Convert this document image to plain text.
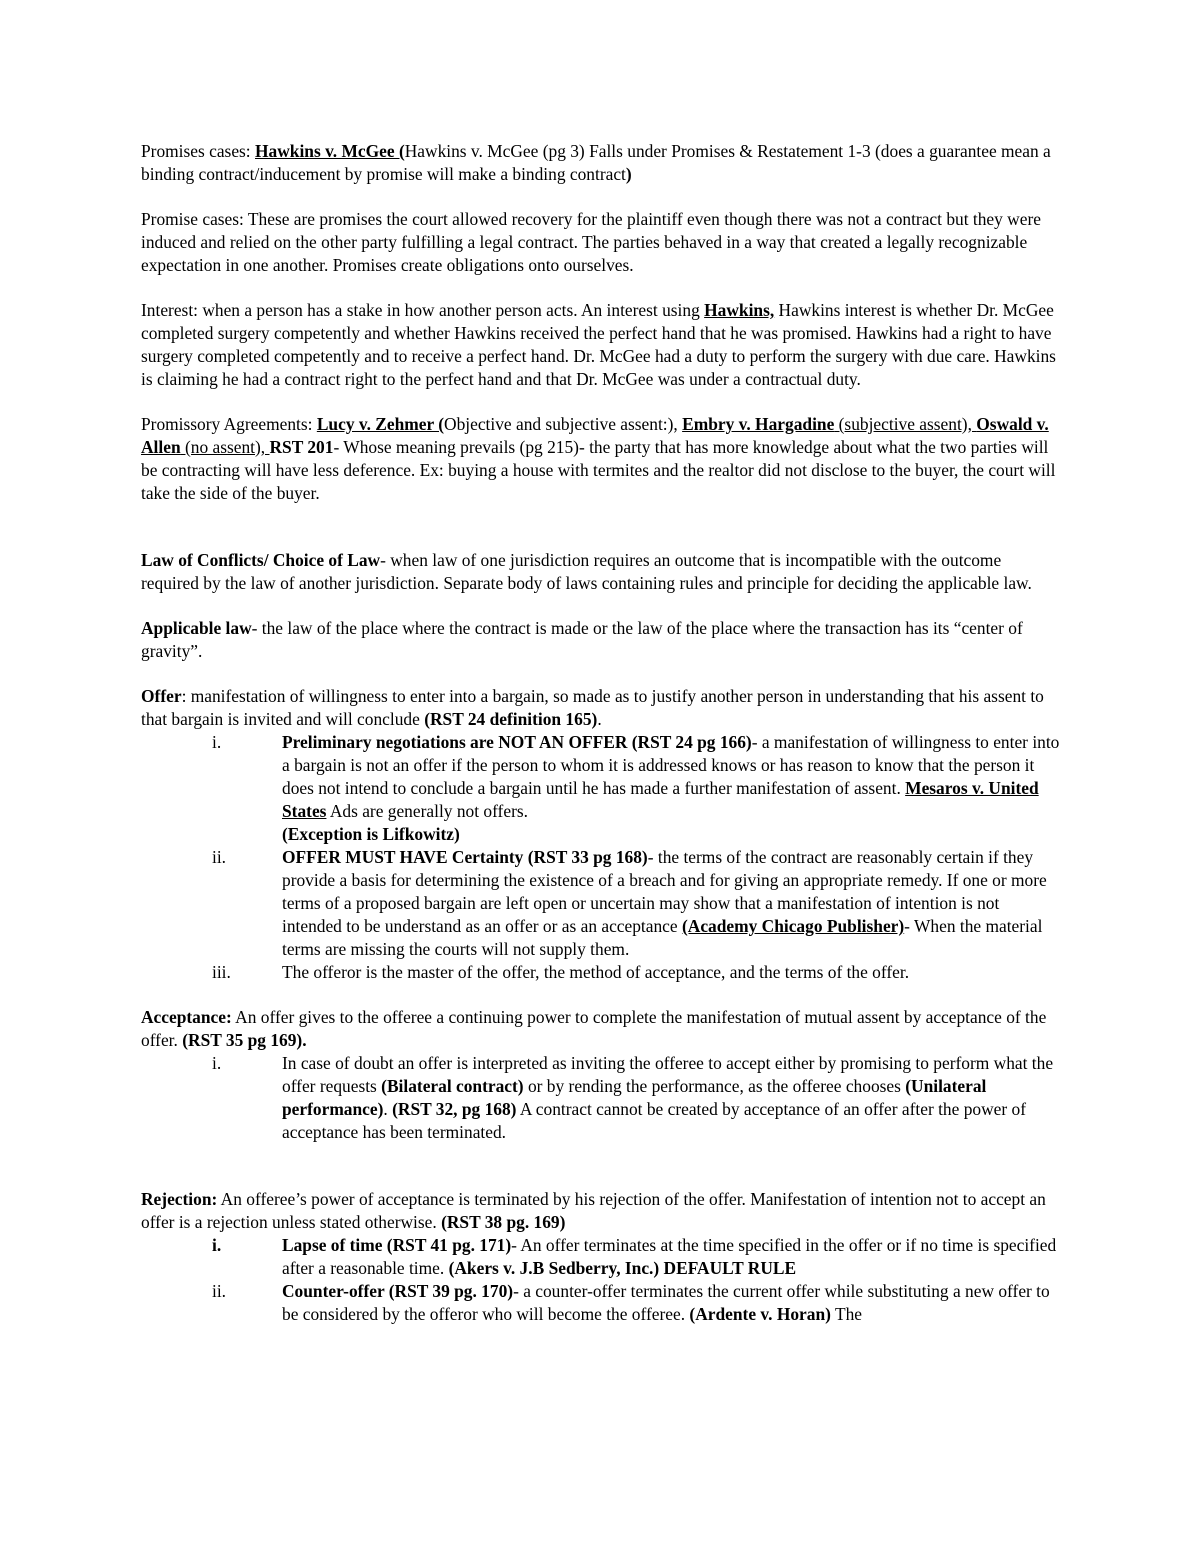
Promises cases: Hawkins v. McGee (Hawkins v. McGee (pg 3) Falls under Promises & Restatement 1-3 (does a guarantee mean a binding contract/inducement by promise will make a binding contract)

Promise cases: These are promises the court allowed recovery for the plaintiff even though there was not a contract but they were induced and relied on the other party fulfilling a legal contract. The parties behaved in a way that created a legally recognizable expectation in one another. Promises create obligations onto ourselves.

Interest: when a person has a stake in how another person acts. An interest using Hawkins, Hawkins interest is whether Dr. McGee completed surgery competently and whether Hawkins received the perfect hand that he was promised. Hawkins had a right to have surgery completed competently and to receive a perfect hand. Dr. McGee had a duty to perform the surgery with due care. Hawkins is claiming he had a contract right to the perfect hand and that Dr. McGee was under a contractual duty.

Promissory Agreements: Lucy v. Zehmer (Objective and subjective assent:), Embry v. Hargadine (subjective assent), Oswald v. Allen (no assent), RST 201- Whose meaning prevails (pg 215)- the party that has more knowledge about what the two parties will be contracting will have less deference. Ex: buying a house with termites and the realtor did not disclose to the buyer, the court will take the side of the buyer.

Law of Conflicts/ Choice of Law- when law of one jurisdiction requires an outcome that is incompatible with the outcome required by the law of another jurisdiction. Separate body of laws containing rules and principle for deciding the applicable law.

Applicable law- the law of the place where the contract is made or the law of the place where the transaction has its “center of gravity”.

Offer: manifestation of willingness to enter into a bargain, so made as to justify another person in understanding that his assent to that bargain is invited and will conclude (RST 24 definition 165).

i.	Preliminary negotiations are NOT AN OFFER (RST 24 pg 166)- a manifestation of willingness to enter into a bargain is not an offer if the person to whom it is addressed knows or has reason to know that the person it does not intend to conclude a bargain until he has made a further manifestation of assent. Mesaros v. United States Ads are generally not offers.
(Exception is Lifkowitz)
ii.	OFFER MUST HAVE Certainty (RST 33 pg 168)- the terms of the contract are reasonably certain if they provide a basis for determining the existence of a breach and for giving an appropriate remedy. If one or more terms of a proposed bargain are left open or uncertain may show that a manifestation of intention is not intended to be understand as an offer or as an acceptance (Academy Chicago Publisher)- When the material terms are missing the courts will not supply them.
iii.	The offeror is the master of the offer, the method of acceptance, and the terms of the offer.

Acceptance: An offer gives to the offeree a continuing power to complete the manifestation of mutual assent by acceptance of the offer. (RST 35 pg 169).

i.	In case of doubt an offer is interpreted as inviting the offeree to accept either by promising to perform what the offer requests (Bilateral contract) or by rending the performance, as the offeree chooses (Unilateral performance). (RST 32, pg 168) A contract cannot be created by acceptance of an offer after the power of acceptance has been terminated.

Rejection: An offeree’s power of acceptance is terminated by his rejection of the offer. Manifestation of intention not to accept an offer is a rejection unless stated otherwise. (RST 38 pg. 169)

i.	Lapse of time (RST 41 pg. 171)- An offer terminates at the time specified in the offer or if no time is specified after a reasonable time. (Akers v. J.B Sedberry, Inc.) DEFAULT RULE
ii.	Counter-offer (RST 39 pg. 170)- a counter-offer terminates the current offer while substituting a new offer to be considered by the offeror who will become the offeree. (Ardente v. Horan) The
